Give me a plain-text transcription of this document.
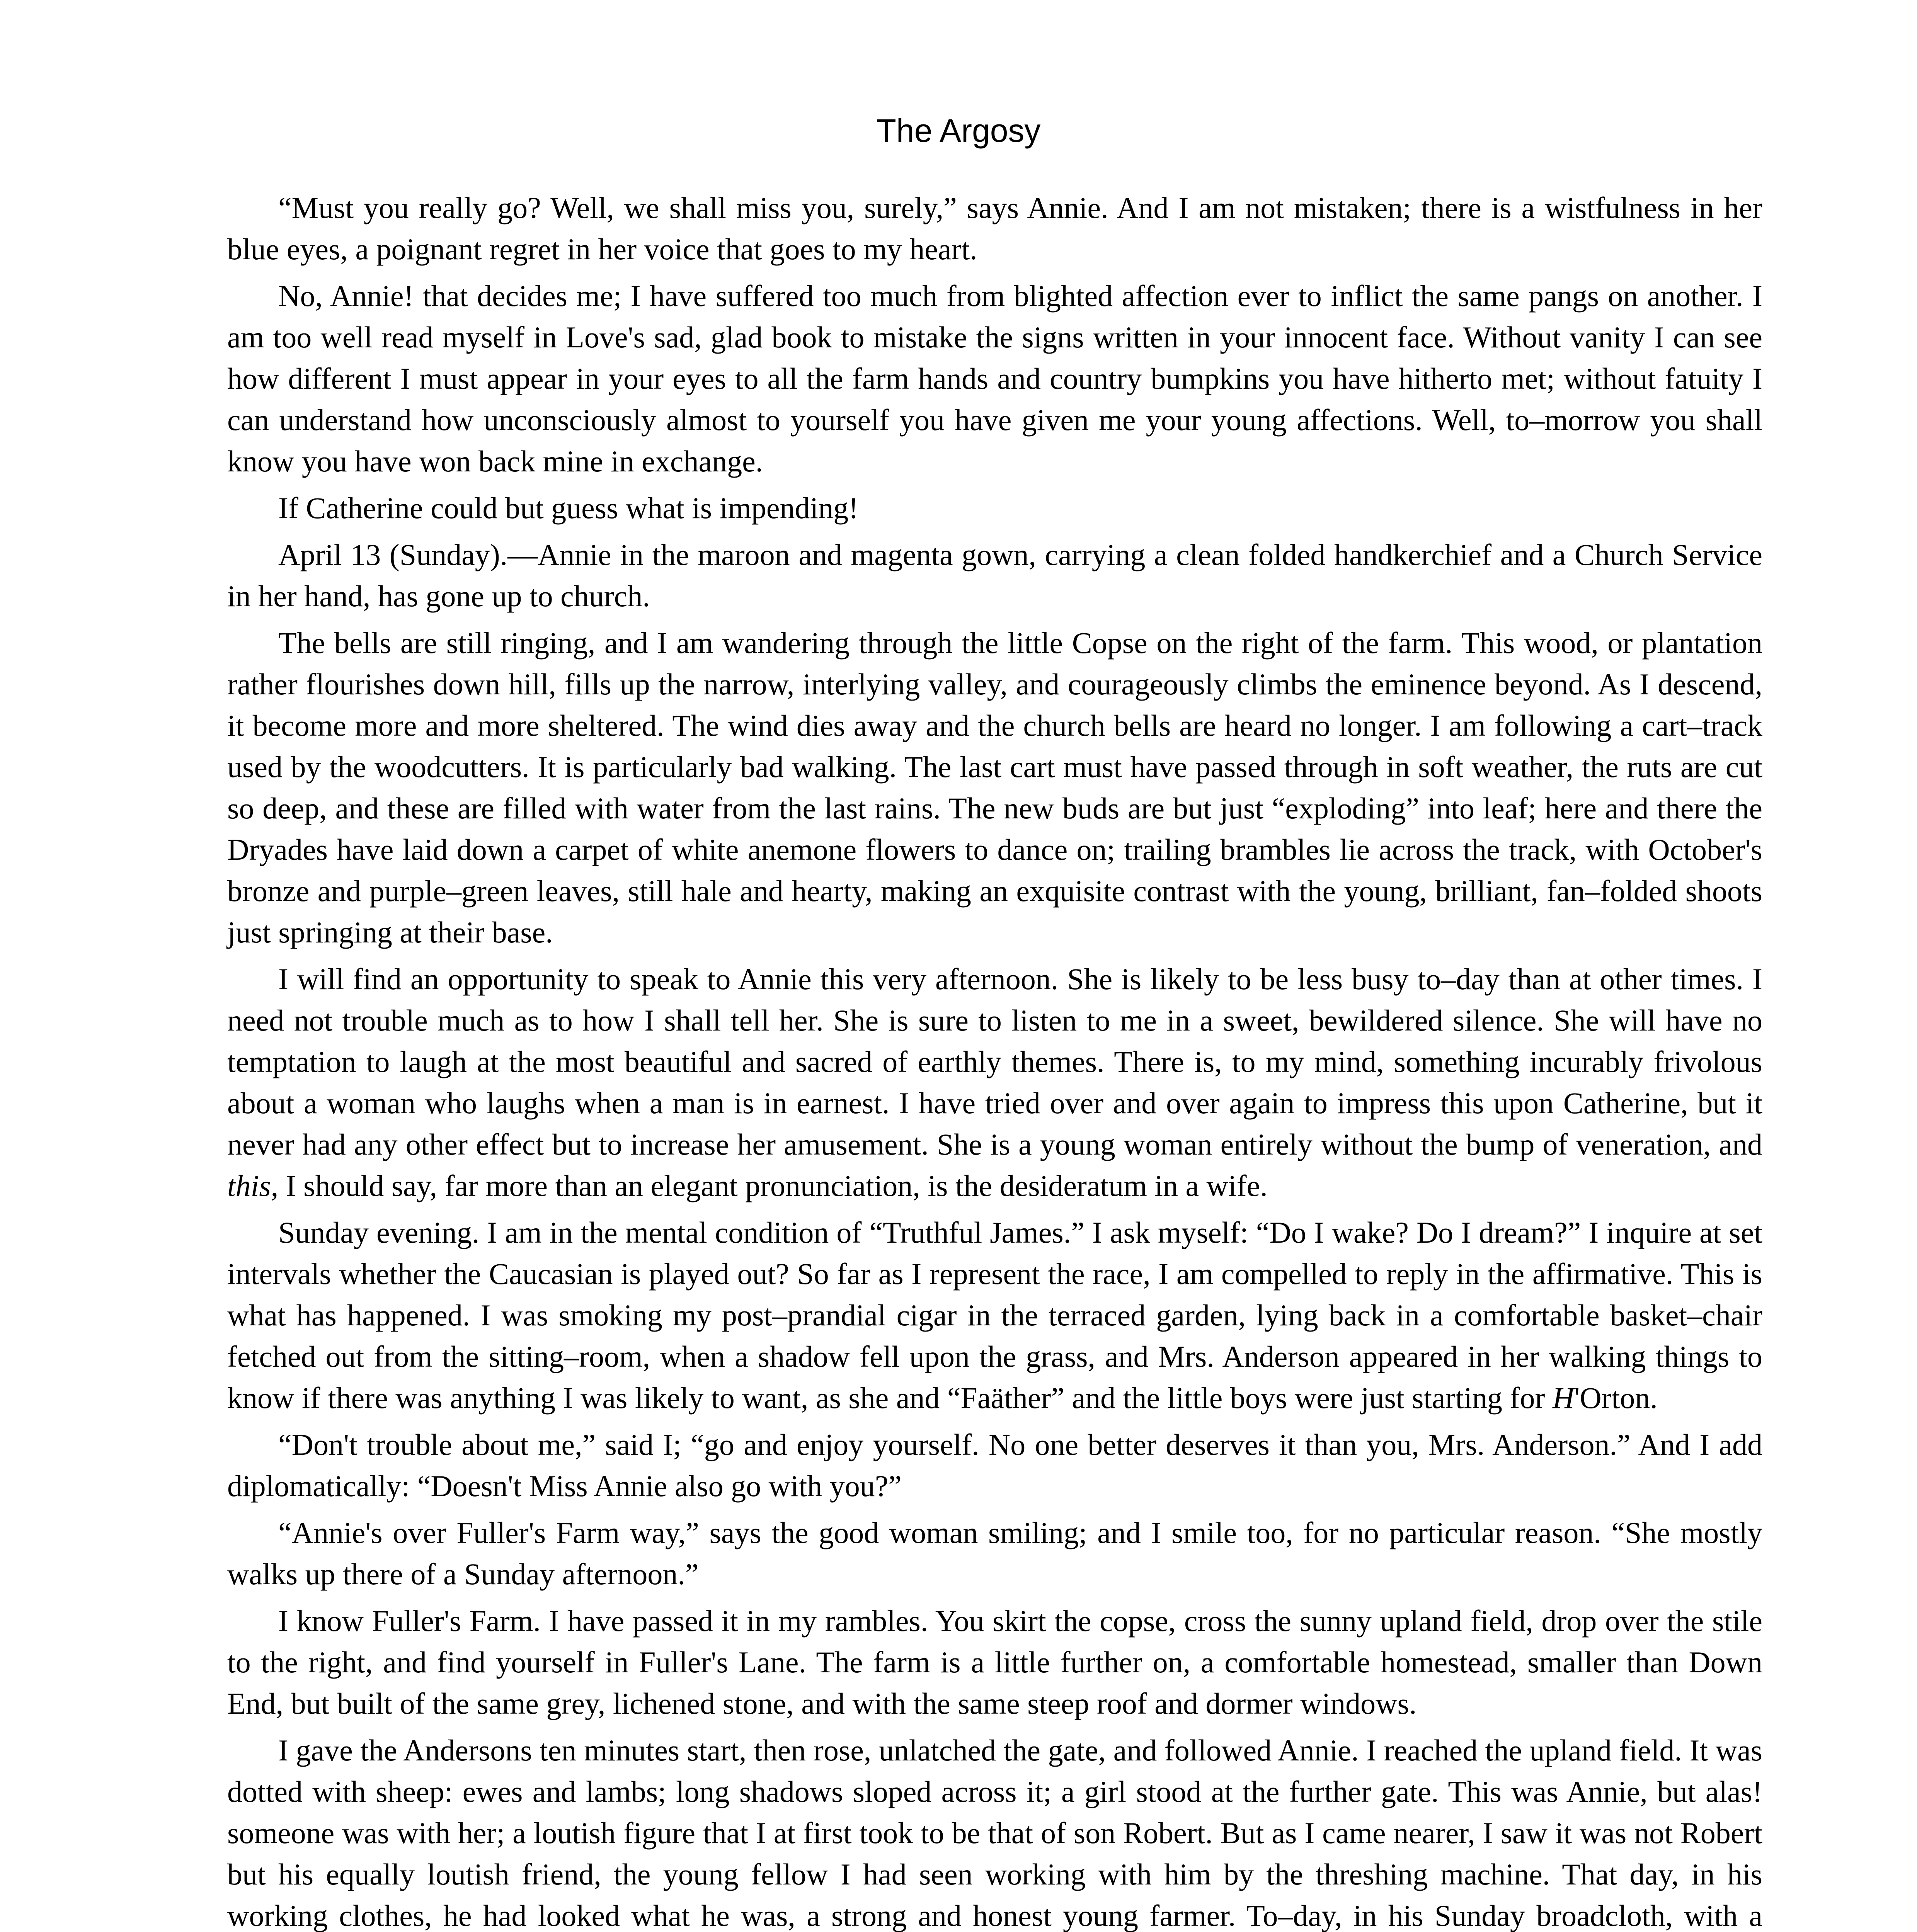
The Argosy

“Must you really go? Well, we shall miss you, surely,” says Annie. And I am not mistaken; there is a wistfulness in her blue eyes, a poignant regret in her voice that goes to my heart.

No, Annie! that decides me; I have suffered too much from blighted affection ever to inflict the same pangs on another. I am too well read myself in Love's sad, glad book to mistake the signs written in your innocent face. Without vanity I can see how different I must appear in your eyes to all the farm hands and country bumpkins you have hitherto met; without fatuity I can understand how unconsciously almost to yourself you have given me your young affections. Well, to–morrow you shall know you have won back mine in exchange.

If Catherine could but guess what is impending!

April 13 (Sunday).—Annie in the maroon and magenta gown, carrying a clean folded handkerchief and a Church Service in her hand, has gone up to church.

The bells are still ringing, and I am wandering through the little Copse on the right of the farm. This wood, or plantation rather flourishes down hill, fills up the narrow, interlying valley, and courageously climbs the eminence beyond. As I descend, it become more and more sheltered. The wind dies away and the church bells are heard no longer. I am following a cart–track used by the woodcutters. It is particularly bad walking. The last cart must have passed through in soft weather, the ruts are cut so deep, and these are filled with water from the last rains. The new buds are but just “exploding” into leaf; here and there the Dryades have laid down a carpet of white anemone flowers to dance on; trailing brambles lie across the track, with October's bronze and purple–green leaves, still hale and hearty, making an exquisite contrast with the young, brilliant, fan–folded shoots just springing at their base.

I will find an opportunity to speak to Annie this very afternoon. She is likely to be less busy to–day than at other times. I need not trouble much as to how I shall tell her. She is sure to listen to me in a sweet, bewildered silence. She will have no temptation to laugh at the most beautiful and sacred of earthly themes. There is, to my mind, something incurably frivolous about a woman who laughs when a man is in earnest. I have tried over and over again to impress this upon Catherine, but it never had any other effect but to increase her amusement. She is a young woman entirely without the bump of veneration, and this, I should say, far more than an elegant pronunciation, is the desideratum in a wife.

Sunday evening. I am in the mental condition of “Truthful James.” I ask myself: “Do I wake? Do I dream?” I inquire at set intervals whether the Caucasian is played out? So far as I represent the race, I am compelled to reply in the affirmative. This is what has happened. I was smoking my post–prandial cigar in the terraced garden, lying back in a comfortable basket–chair fetched out from the sitting–room, when a shadow fell upon the grass, and Mrs. Anderson appeared in her walking things to know if there was anything I was likely to want, as she and “Faäther” and the little boys were just starting for H'Orton.

“Don't trouble about me,” said I; “go and enjoy yourself. No one better deserves it than you, Mrs. Anderson.” And I add diplomatically: “Doesn't Miss Annie also go with you?”

“Annie's over Fuller's Farm way,” says the good woman smiling; and I smile too, for no particular reason. “She mostly walks up there of a Sunday afternoon.”

I know Fuller's Farm. I have passed it in my rambles. You skirt the copse, cross the sunny upland field, drop over the stile to the right, and find yourself in Fuller's Lane. The farm is a little further on, a comfortable homestead, smaller than Down End, but built of the same grey, lichened stone, and with the same steep roof and dormer windows.

I gave the Andersons ten minutes start, then rose, unlatched the gate, and followed Annie. I reached the upland field. It was dotted with sheep: ewes and lambs; long shadows sloped across it; a girl stood at the further gate. This was Annie, but alas! someone was with her; a loutish figure that I at first took to be that of son Robert. But as I came nearer, I saw it was not Robert but his equally loutish friend, the young fellow I had seen working with him by the threshing machine. That day, in his working clothes, he had looked what he was, a strong and honest young farmer. To–day, in his Sunday broadcloth, with a
